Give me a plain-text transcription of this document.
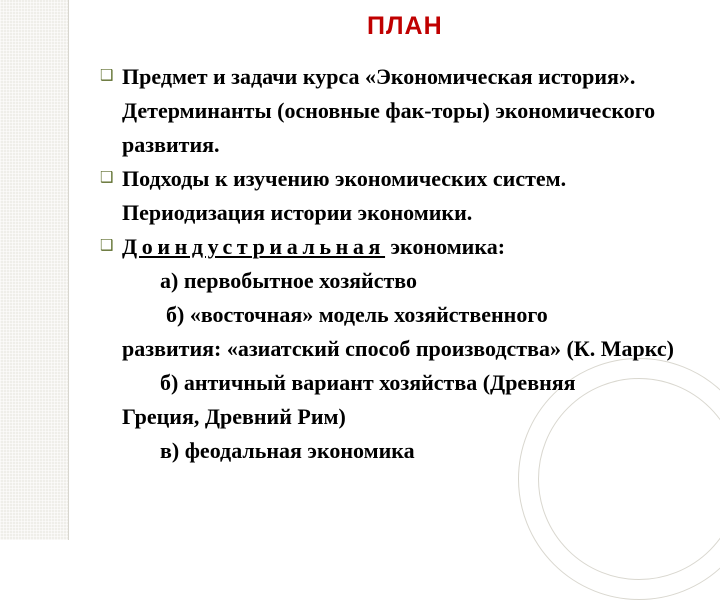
ПЛАН
❑ Предмет и задачи курса «Экономическая история». Детерминанты (основные фак-торы) экономического развития.
❑ Подходы к изучению экономических систем. Периодизация истории экономики.
❑ Доиндустриальная экономика:
а) первобытное хозяйство
б) «восточная» модель хозяйственного
развития: «азиатский способ производства» (К. Маркс)
б) античный вариант хозяйства (Древняя
Греция, Древний Рим)
в) феодальная экономика
